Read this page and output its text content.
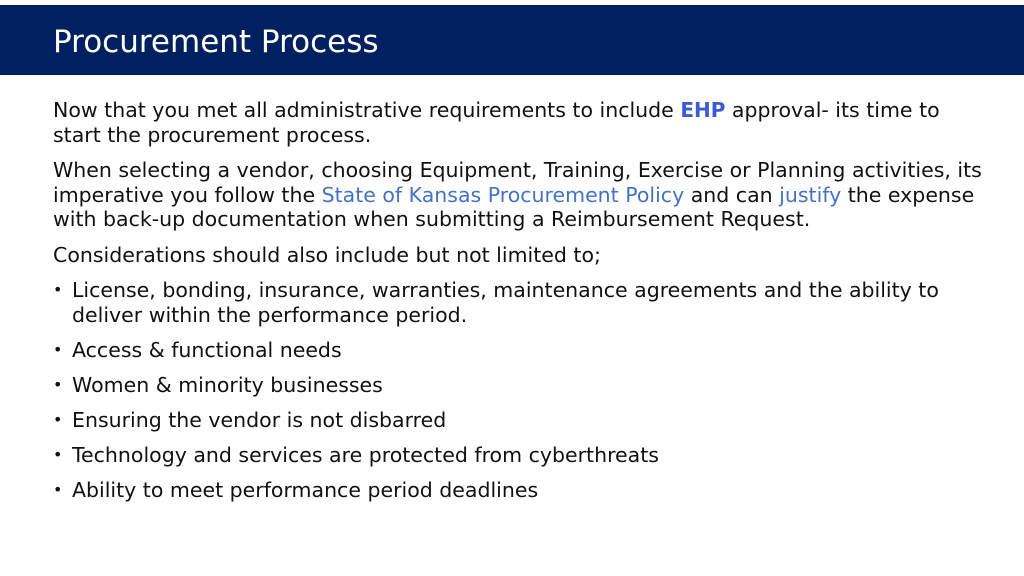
Procurement Process

Now that you met all administrative requirements to include EHP approval- its time to start the procurement process.

When selecting a vendor, choosing Equipment, Training, Exercise or Planning activities, its imperative you follow the State of Kansas Procurement Policy and can justify the expense with back-up documentation when submitting a Reimbursement Request.

Considerations should also include but not limited to;

• License, bonding, insurance, warranties, maintenance agreements and the ability to deliver within the performance period.
• Access & functional needs
• Women & minority businesses
• Ensuring the vendor is not disbarred
• Technology and services are protected from cyberthreats
• Ability to meet performance period deadlines
